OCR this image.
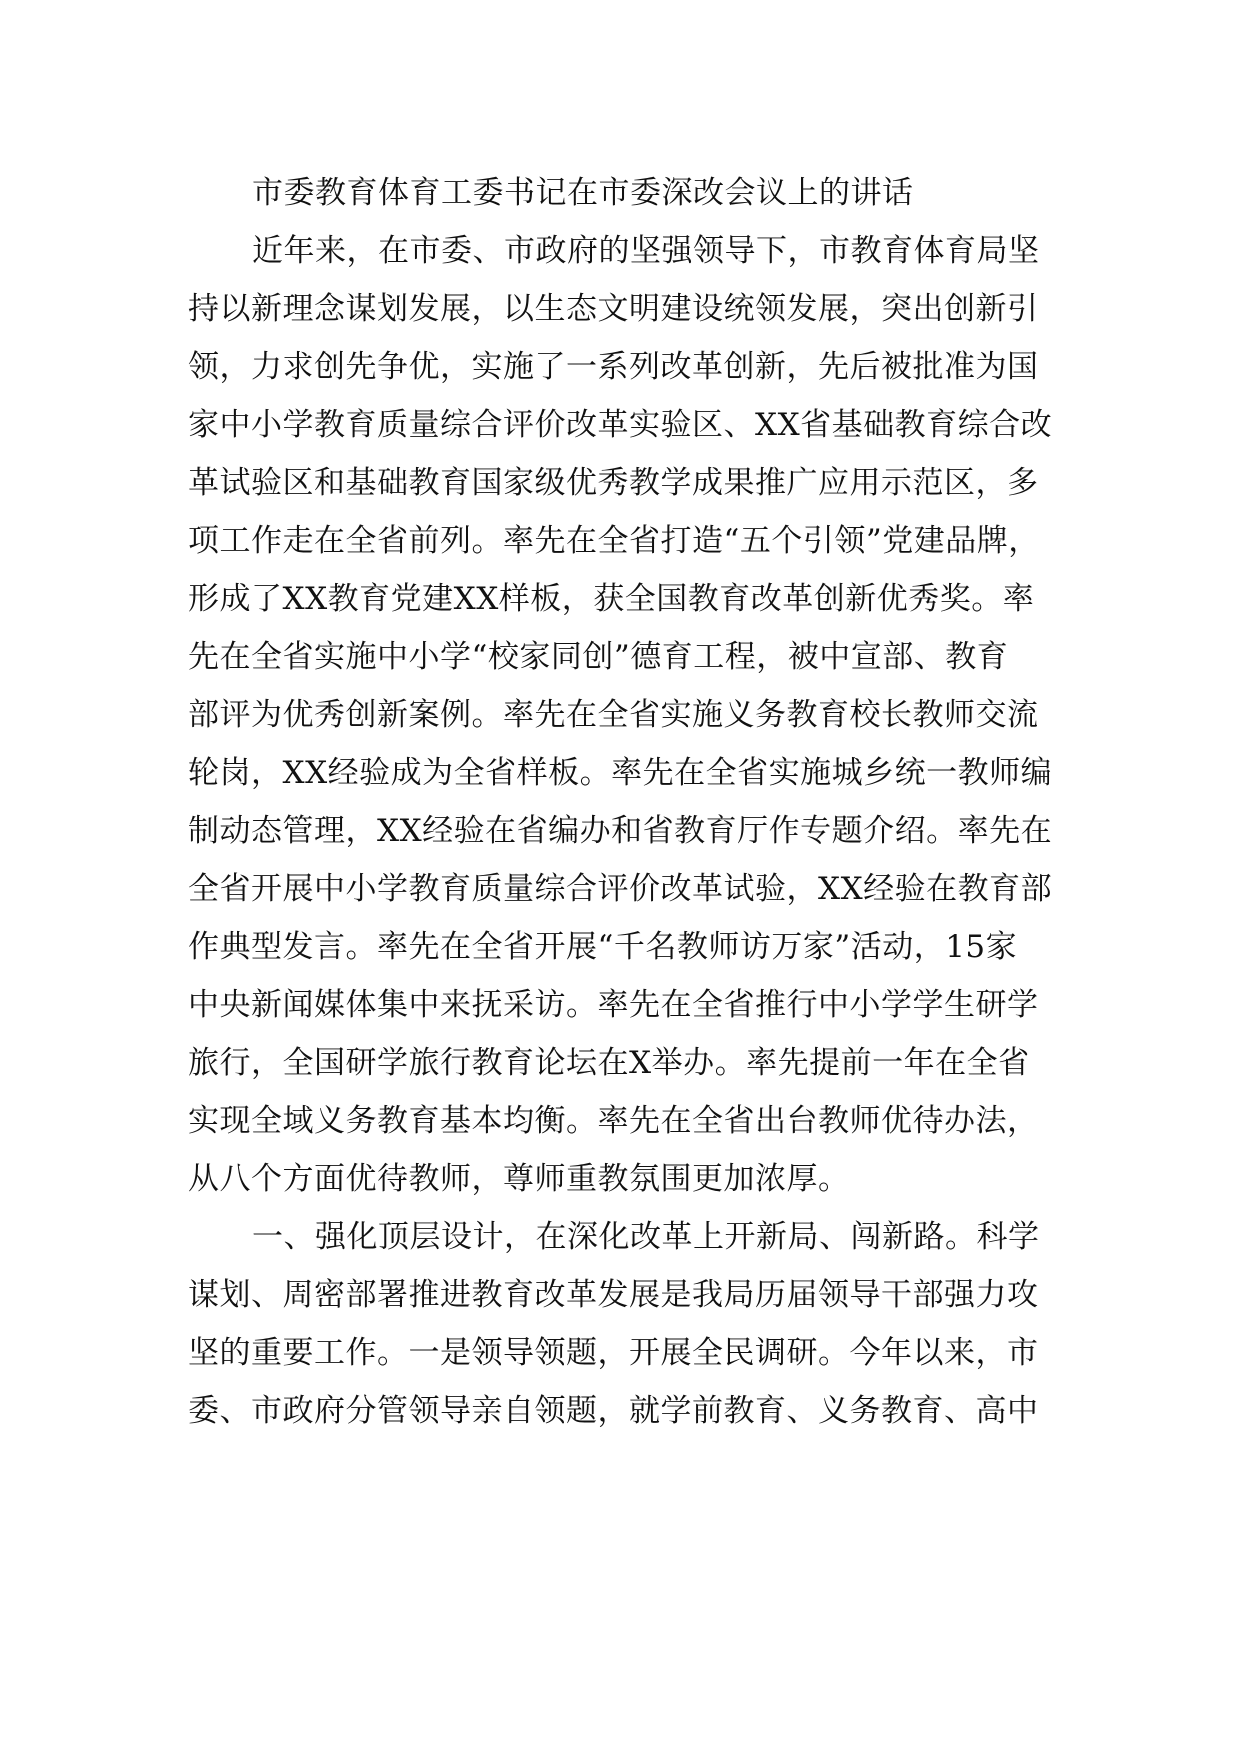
市委教育体育工委书记在市委深改会议上的讲话
近年来，在市委、市政府的坚强领导下，市教育体育局坚
持以新理念谋划发展，以生态文明建设统领发展，突出创新引
领，力求创先争优，实施了一系列改革创新，先后被批准为国
家中小学教育质量综合评价改革实验区、XX省基础教育综合改
革试验区和基础教育国家级优秀教学成果推广应用示范区，多
项工作走在全省前列。率先在全省打造“五个引领”党建品牌，
形成了XX教育党建XX样板，获全国教育改革创新优秀奖。率
先在全省实施中小学“校家同创”德育工程，被中宣部、教育
部评为优秀创新案例。率先在全省实施义务教育校长教师交流
轮岗，XX经验成为全省样板。率先在全省实施城乡统一教师编
制动态管理，XX经验在省编办和省教育厅作专题介绍。率先在
全省开展中小学教育质量综合评价改革试验，XX经验在教育部
作典型发言。率先在全省开展“千名教师访万家”活动，15家
中央新闻媒体集中来抚采访。率先在全省推行中小学学生研学
旅行，全国研学旅行教育论坛在X举办。率先提前一年在全省
实现全域义务教育基本均衡。率先在全省出台教师优待办法，
从八个方面优待教师，尊师重教氛围更加浓厚。
一、强化顶层设计，在深化改革上开新局、闯新路。科学
谋划、周密部署推进教育改革发展是我局历届领导干部强力攻
坚的重要工作。一是领导领题，开展全民调研。今年以来，市
委、市政府分管领导亲自领题，就学前教育、义务教育、高中
